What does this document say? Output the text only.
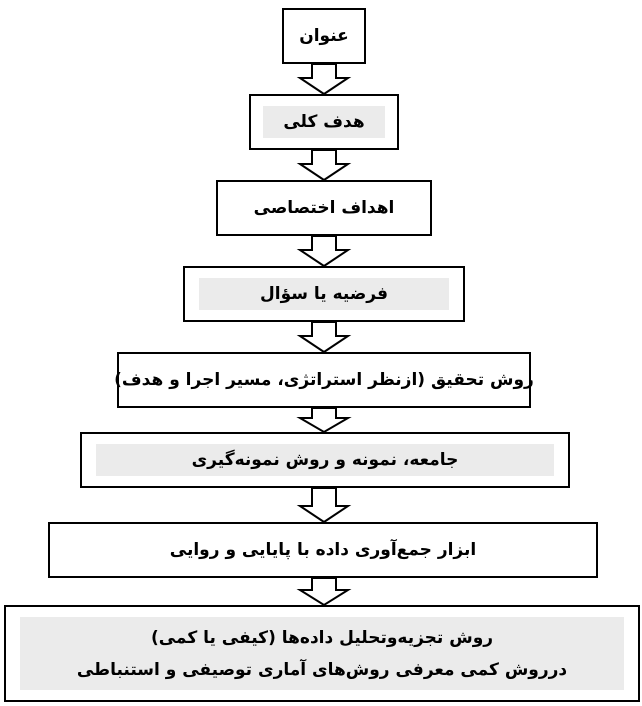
عنوان
هدف کلی
اهداف اختصاصی
فرضیه یا سؤال
روش تحقیق (ازنظر استراتژی، مسیر اجرا و هدف)
جامعه، نمونه و روش نمونه‌گیری
ابزار جمع‌آوری داده با پایایی و روایی
روش تجزیه‌وتحلیل داده‌ها (کیفی یا کمی)
درروش کمی معرفی روش‌های آماری توصیفی و استنباطی
